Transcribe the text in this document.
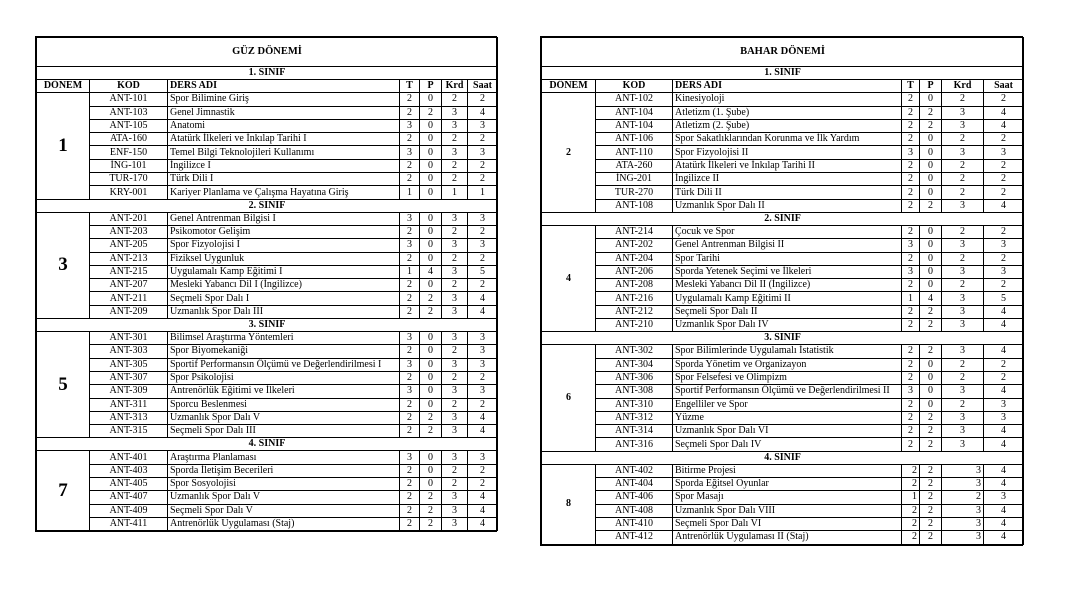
GÜZ DÖNEMİ						
1. SINIF						
DÖNEM	KOD	DERS ADI	T	P	Krd	Saat
1	ANT-101	Spor Bilimine Giriş	2	0	2	2
	ANT-103	Genel Jimnastik	2	2	3	4
	ANT-105	Anatomi	3	0	3	3
	ATA-160	Atatürk İlkeleri ve İnkılap Tarihi I	2	0	2	2
	ENF-150	Temel Bilgi Teknolojileri Kullanımı	3	0	3	3
	İNG-101	İngilizce I	2	0	2	2
	TUR-170	Türk Dili I	2	0	2	2
	KRY-001	Kariyer Planlama ve Çalışma Hayatına Giriş	1	0	1	1
2. SINIF						
3	ANT-201	Genel Antrenman Bilgisi I	3	0	3	3
	ANT-203	Psikomotor Gelişim	2	0	2	2
	ANT-205	Spor Fizyolojisi I	3	0	3	3
	ANT-213	Fiziksel Uygunluk	2	0	2	2
	ANT-215	Uygulamalı Kamp Eğitimi I	1	4	3	5
	ANT-207	Mesleki Yabancı Dil I (İngilizce)	2	0	2	2
	ANT-211	Seçmeli Spor Dalı I	2	2	3	4
	ANT-209	Uzmanlık Spor Dalı III	2	2	3	4
3. SINIF						
5	ANT-301	Bilimsel Araştırma Yöntemleri	3	0	3	3
	ANT-303	Spor Biyomekaniği	2	0	2	3
	ANT-305	Sportif Performansın Ölçümü ve Değerlendirilmesi I	3	0	3	3
	ANT-307	Spor Psikolojisi	2	0	2	2
	ANT-309	Antrenörlük Eğitimi ve İlkeleri	3	0	3	3
	ANT-311	Sporcu Beslenmesi	2	0	2	2
	ANT-313	Uzmanlık Spor Dalı V	2	2	3	4
	ANT-315	Seçmeli Spor Dalı III	2	2	3	4
4. SINIF						
7	ANT-401	Araştırma Planlaması	3	0	3	3
	ANT-403	Sporda İletişim Becerileri	2	0	2	2
	ANT-405	Spor Sosyolojisi	2	0	2	2
	ANT-407	Uzmanlık Spor Dalı V	2	2	3	4
	ANT-409	Seçmeli Spor Dalı V	2	2	3	4
	ANT-411	Antrenörlük Uygulaması (Staj)	2	2	3	4
BAHAR DÖNEMİ						
1. SINIF						
DÖNEM	KOD	DERS ADI	T	P	Krd	Saat
2	ANT-102	Kinesiyoloji	2	0	2	2
	ANT-104	Atletizm (1. Şube)	2	2	3	4
	ANT-104	Atletizm (2. Şube)	2	2	3	4
	ANT-106	Spor Sakatlıklarından Korunma ve İlk Yardım	2	0	2	2
	ANT-110	Spor Fizyolojisi II	3	0	3	3
	ATA-260	Atatürk İlkeleri ve İnkılap Tarihi II	2	0	2	2
	İNG-201	İngilizce II	2	0	2	2
	TUR-270	Türk Dili II	2	0	2	2
	ANT-108	Uzmanlık Spor Dalı II	2	2	3	4
2. SINIF						
4	ANT-214	Çocuk ve Spor	2	0	2	2
	ANT-202	Genel Antrenman Bilgisi II	3	0	3	3
	ANT-204	Spor Tarihi	2	0	2	2
	ANT-206	Sporda Yetenek Seçimi ve İlkeleri	3	0	3	3
	ANT-208	Mesleki Yabancı Dil II (İngilizce)	2	0	2	2
	ANT-216	Uygulamalı Kamp Eğitimi II	1	4	3	5
	ANT-212	Seçmeli Spor Dalı II	2	2	3	4
	ANT-210	Uzmanlık Spor Dalı IV	2	2	3	4
3. SINIF						
6	ANT-302	Spor Bilimlerinde Uygulamalı İstatistik	2	2	3	4
	ANT-304	Sporda Yönetim ve Organizayon	2	0	2	2
	ANT-306	Spor Felsefesi ve Olimpizm	2	0	2	2
	ANT-308	Sportif Performansın Ölçümü ve Değerlendirilmesi II	3	0	3	4
	ANT-310	Engelliler ve Spor	2	0	2	3
	ANT-312	Yüzme	2	2	3	3
	ANT-314	Uzmanlık Spor Dalı VI	2	2	3	4
	ANT-316	Seçmeli Spor Dalı IV	2	2	3	4
4. SINIF						
8	ANT-402	Bitirme Projesi	2	2	3	4
	ANT-404	Sporda Eğitsel Oyunlar	2	2	3	4
	ANT-406	Spor Masajı	1	2	2	3
	ANT-408	Uzmanlık Spor Dalı VIII	2	2	3	4
	ANT-410	Seçmeli Spor Dalı VI	2	2	3	4
	ANT-412	Antrenörlük Uygulaması II (Staj)	2	2	3	4
